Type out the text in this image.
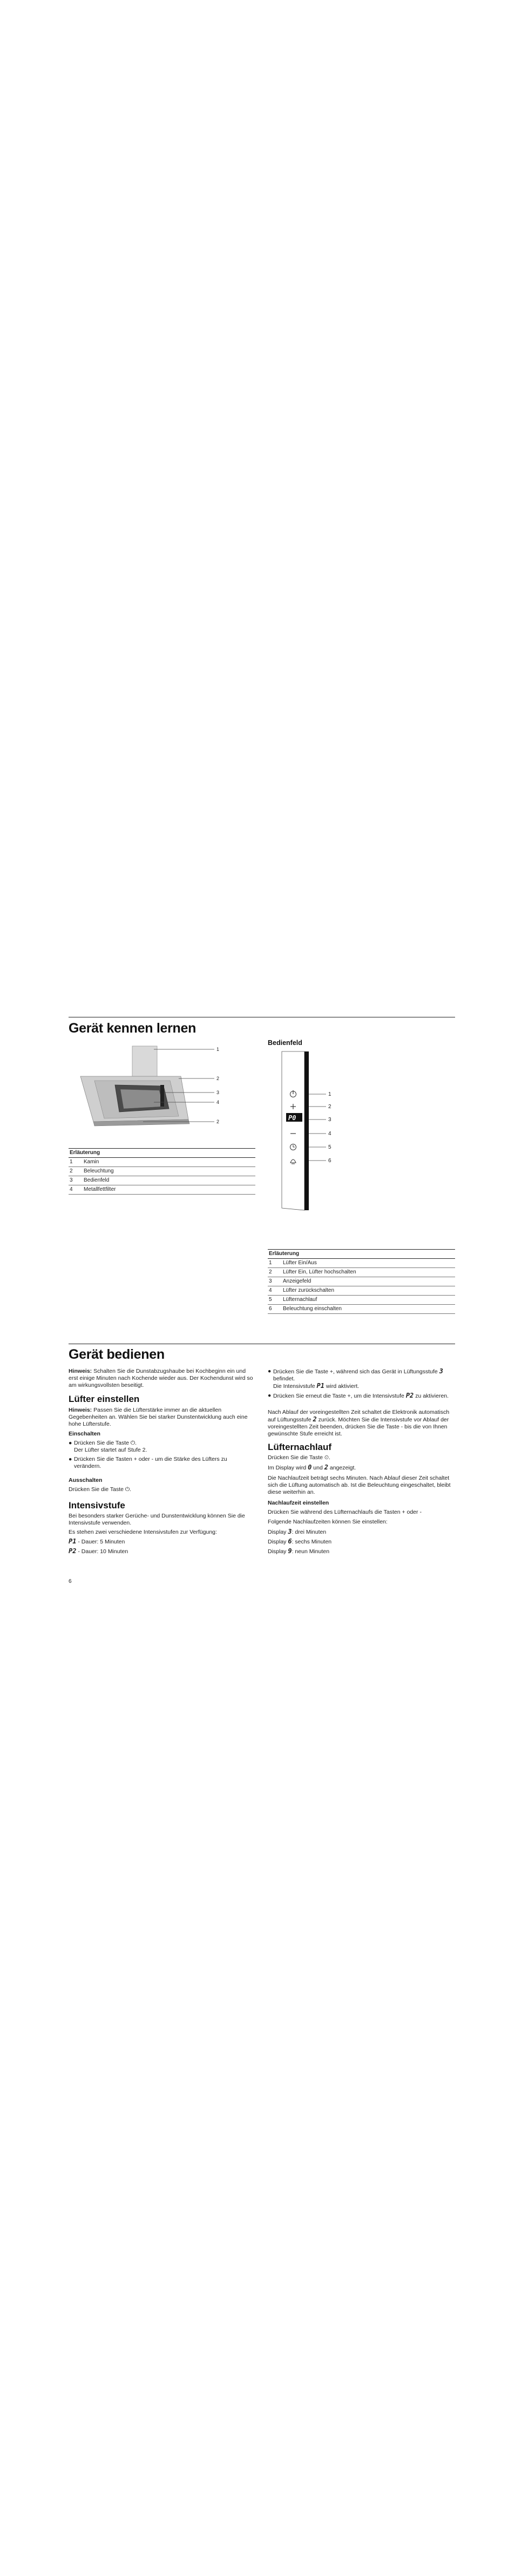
Gerät kennen lernen
1
2
3
4
2
Erläuterung	
1	Kamin
2	Beleuchtung
3	Bedienfeld
4	Metallfettfilter
Bedienfeld
P0
1
2
3
4
5
6
Erläuterung	
1	Lüfter Ein/Aus
2	Lüfter Ein, Lüfter hochschalten
3	Anzeigefeld
4	Lüfter zurückschalten
5	Lüfternachlauf
6	Beleuchtung einschalten
Gerät bedienen
Hinweis: Schalten Sie die Dunstabzugshaube bei Kochbeginn ein und erst einige Minuten nach Kochende wieder aus. Der Kochendunst wird so am wirkungsvollsten beseitigt.
Lüfter einstellen
Hinweis: Passen Sie die Lüfterstärke immer an die aktuellen Gegebenheiten an. Wählen Sie bei starker Dunstentwicklung auch eine hohe Lüfterstufe.
Einschalten
● Drücken Sie die Taste ⏻.
Der Lüfter startet auf Stufe 2.
● Drücken Sie die Tasten + oder - um die Stärke des Lüfters zu verändern.
Ausschalten
Drücken Sie die Taste ⏻.
Intensivstufe
Bei besonders starker Gerüche- und Dunstentwicklung können Sie die Intensivstufe verwenden.
Es stehen zwei verschiedene Intensivstufen zur Verfügung:
P1 - Dauer: 5 Minuten
P2 - Dauer: 10 Minuten
6
● Drücken Sie die Taste +, während sich das Gerät in Lüftungsstufe 3 befindet.
Die Intensivstufe P1 wird aktiviert.
● Drücken Sie erneut die Taste +, um die Intensivstufe P2 zu aktivieren.
Nach Ablauf der voreingestellten Zeit schaltet die Elektronik automatisch auf Lüftungsstufe 2 zurück. Möchten Sie die Intensivstufe vor Ablauf der voreingestellten Zeit beenden, drücken Sie die Taste - bis die von Ihnen gewünschte Stufe erreicht ist.
Lüfternachlauf
Drücken Sie die Taste ⏲.
Im Display wird 0 und 2 angezeigt.
Die Nachlaufzeit beträgt sechs Minuten. Nach Ablauf dieser Zeit schaltet sich die Lüftung automatisch ab. Ist die Beleuchtung eingeschaltet, bleibt diese weiterhin an.
Nachlaufzeit einstellen
Drücken Sie während des Lüfternachlaufs die Tasten + oder -
Folgende Nachlaufzeiten können Sie einstellen:
Display 3: drei Minuten
Display 6: sechs Minuten
Display 9: neun Minuten
